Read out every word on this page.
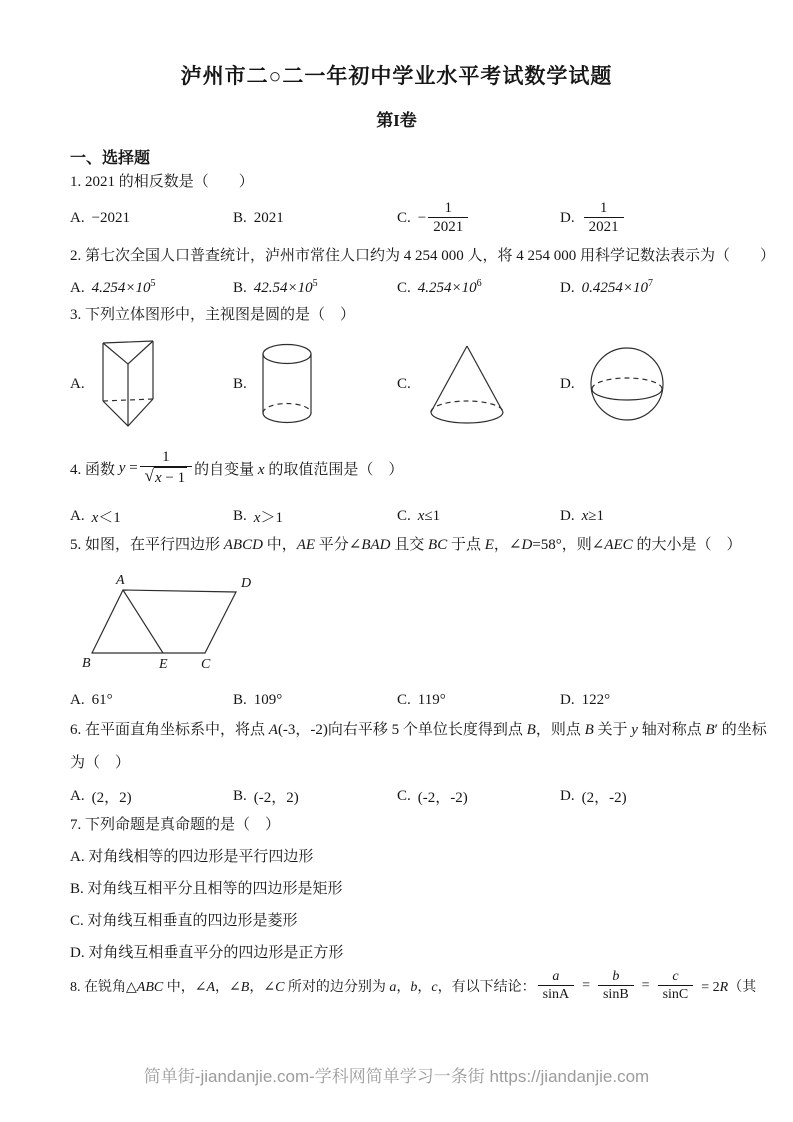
泸州市二○二一年初中学业水平考试数学试题
第I卷
一、选择题
1. 2021 的相反数是（　　）
A. −2021	B. 2021	C. − $\frac{1}{2021}$	D. $\frac{1}{2021}$
2. 第七次全国人口普查统计，泸州市常住人口约为 4 254 000 人，将 4 254 000 用科学记数法表示为（　　）
A. $4.254\times 10^5$	B. $42.54\times 10^5$	C. $4.254\times 10^6$	D. $0.4254\times 10^7$
3. 下列立体图形中，主视图是圆的是（　）
A.	B.	C.	D.
4. 函数
$y = \frac{1}{√ x - 1}$ 的自变量 x 的取值范围是（　）
A. x＜1	B. x＞1	C. x≤1	D. x≥1
5. 如图，在平行四边形 ABCD 中，AE 平分∠BAD 且交 BC 于点 E，∠D=58°，则∠AEC 的大小是（　）
A	D
B	E C
A. 61°	B. 109°	C. 119°	D. 122°
6. 在平面直角坐标系中，将点 A(-3，-2)向右平移 5 个单位长度得到点 B，则点 B 关于 y 轴对称点 B′ 的坐标
为（　）
A. (2，2)	B. (-2，2)	C. (-2，-2)	D. (2，-2)
7. 下列命题是真命题的是（　）
A. 对角线相等的四边形是平行四边形
B. 对角线互相平分且相等的四边形是矩形
C. 对角线互相垂直的四边形是菱形
D. 对角线互相垂直平分的四边形是正方形
8. 在锐角△ABC 中，∠A，∠B，∠C 所对的边分别为 a，b，c，有以下结论： $\frac{a}{\sin A} = \frac{b}{\sin B} = \frac{c}{\sin C} = 2R$（其
简单街-jiandanjie.com-学科网简单学习一条街 https://jiandanjie.com
